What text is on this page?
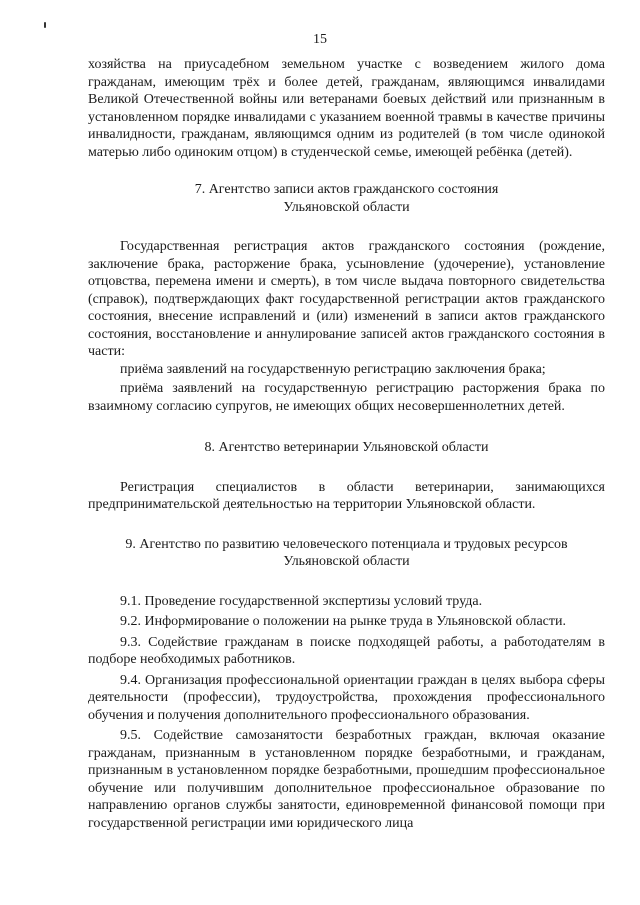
15

хозяйства на приусадебном земельном участке с возведением жилого дома гражданам, имеющим трёх и более детей, гражданам, являющимся инвалидами Великой Отечественной войны или ветеранами боевых действий или признанным в установленном порядке инвалидами с указанием военной травмы в качестве причины инвалидности, гражданам, являющимся одним из родителей (в том числе одинокой матерью либо одиноким отцом) в студенческой семье, имеющей ребёнка (детей).

7. Агентство записи актов гражданского состояния
Ульяновской области

Государственная регистрация актов гражданского состояния (рождение, заключение брака, расторжение брака, усыновление (удочерение), установление отцовства, перемена имени и смерть), в том числе выдача повторного свидетельства (справок), подтверждающих факт государственной регистрации актов гражданского состояния, внесение исправлений и (или) изменений в записи актов гражданского состояния, восстановление и аннулирование записей актов гражданского состояния в части:

приёма заявлений на государственную регистрацию заключения брака;

приёма заявлений на государственную регистрацию расторжения брака по взаимному согласию супругов, не имеющих общих несовершеннолетних детей.

8. Агентство ветеринарии Ульяновской области

Регистрация специалистов в области ветеринарии, занимающихся предпринимательской деятельностью на территории Ульяновской области.

9. Агентство по развитию человеческого потенциала и трудовых ресурсов
Ульяновской области

9.1. Проведение государственной экспертизы условий труда.

9.2. Информирование о положении на рынке труда в Ульяновской области.

9.3. Содействие гражданам в поиске подходящей работы, а работодателям в подборе необходимых работников.

9.4. Организация профессиональной ориентации граждан в целях выбора сферы деятельности (профессии), трудоустройства, прохождения профессионального обучения и получения дополнительного профессионального образования.

9.5. Содействие самозанятости безработных граждан, включая оказание гражданам, признанным в установленном порядке безработными, и гражданам, признанным в установленном порядке безработными, прошедшим профессиональное обучение или получившим дополнительное профессиональное образование по направлению органов службы занятости, единовременной финансовой помощи при государственной регистрации ими юридического лица
